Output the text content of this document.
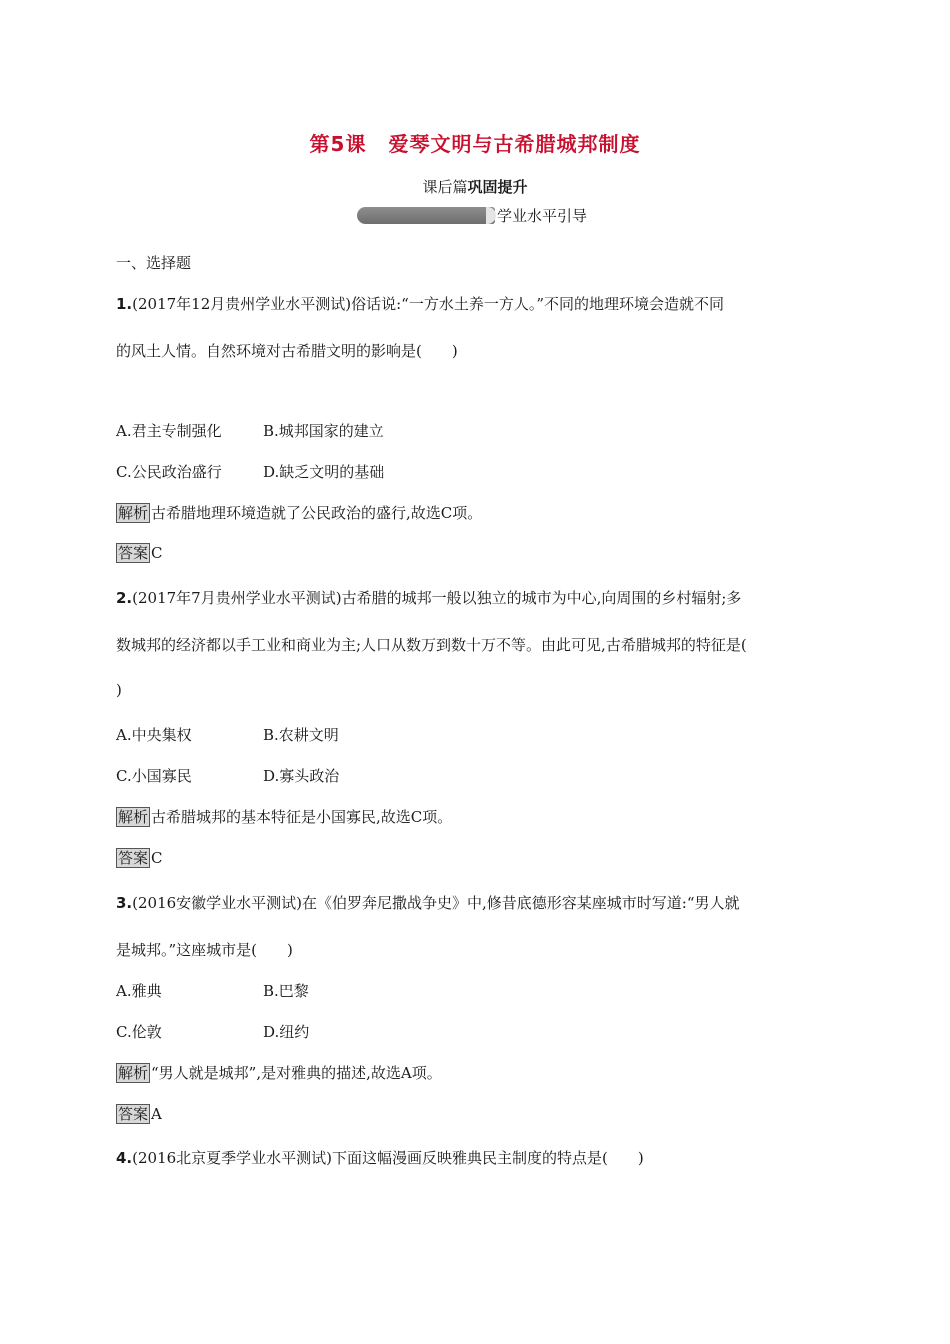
第5课 爱琴文明与古希腊城邦制度
课后篇巩固提升
学业水平引导
一、选择题
1.(2017年12月贵州学业水平测试)俗话说:“一方水土养一方人。”不同的地理环境会造就不同
的风土人情。自然环境对古希腊文明的影响是(　　)
A.君主专制强化	B.城邦国家的建立
C.公民政治盛行	D.缺乏文明的基础
解析 古希腊地理环境造就了公民政治的盛行,故选C项。
答案 C
2.(2017年7月贵州学业水平测试)古希腊的城邦一般以独立的城市为中心,向周围的乡村辐射;多
数城邦的经济都以手工业和商业为主;人口从数万到数十万不等。由此可见,古希腊城邦的特征是(
)
A.中央集权	B.农耕文明
C.小国寡民	D.寡头政治
解析 古希腊城邦的基本特征是小国寡民,故选C项。
答案 C
3.(2016安徽学业水平测试)在《伯罗奔尼撒战争史》中,修昔底德形容某座城市时写道:“男人就
是城邦。”这座城市是(　　)
A.雅典	B.巴黎
C.伦敦	D.纽约
解析 “男人就是城邦”,是对雅典的描述,故选A项。
答案 A
4.(2016北京夏季学业水平测试)下面这幅漫画反映雅典民主制度的特点是(　　)
